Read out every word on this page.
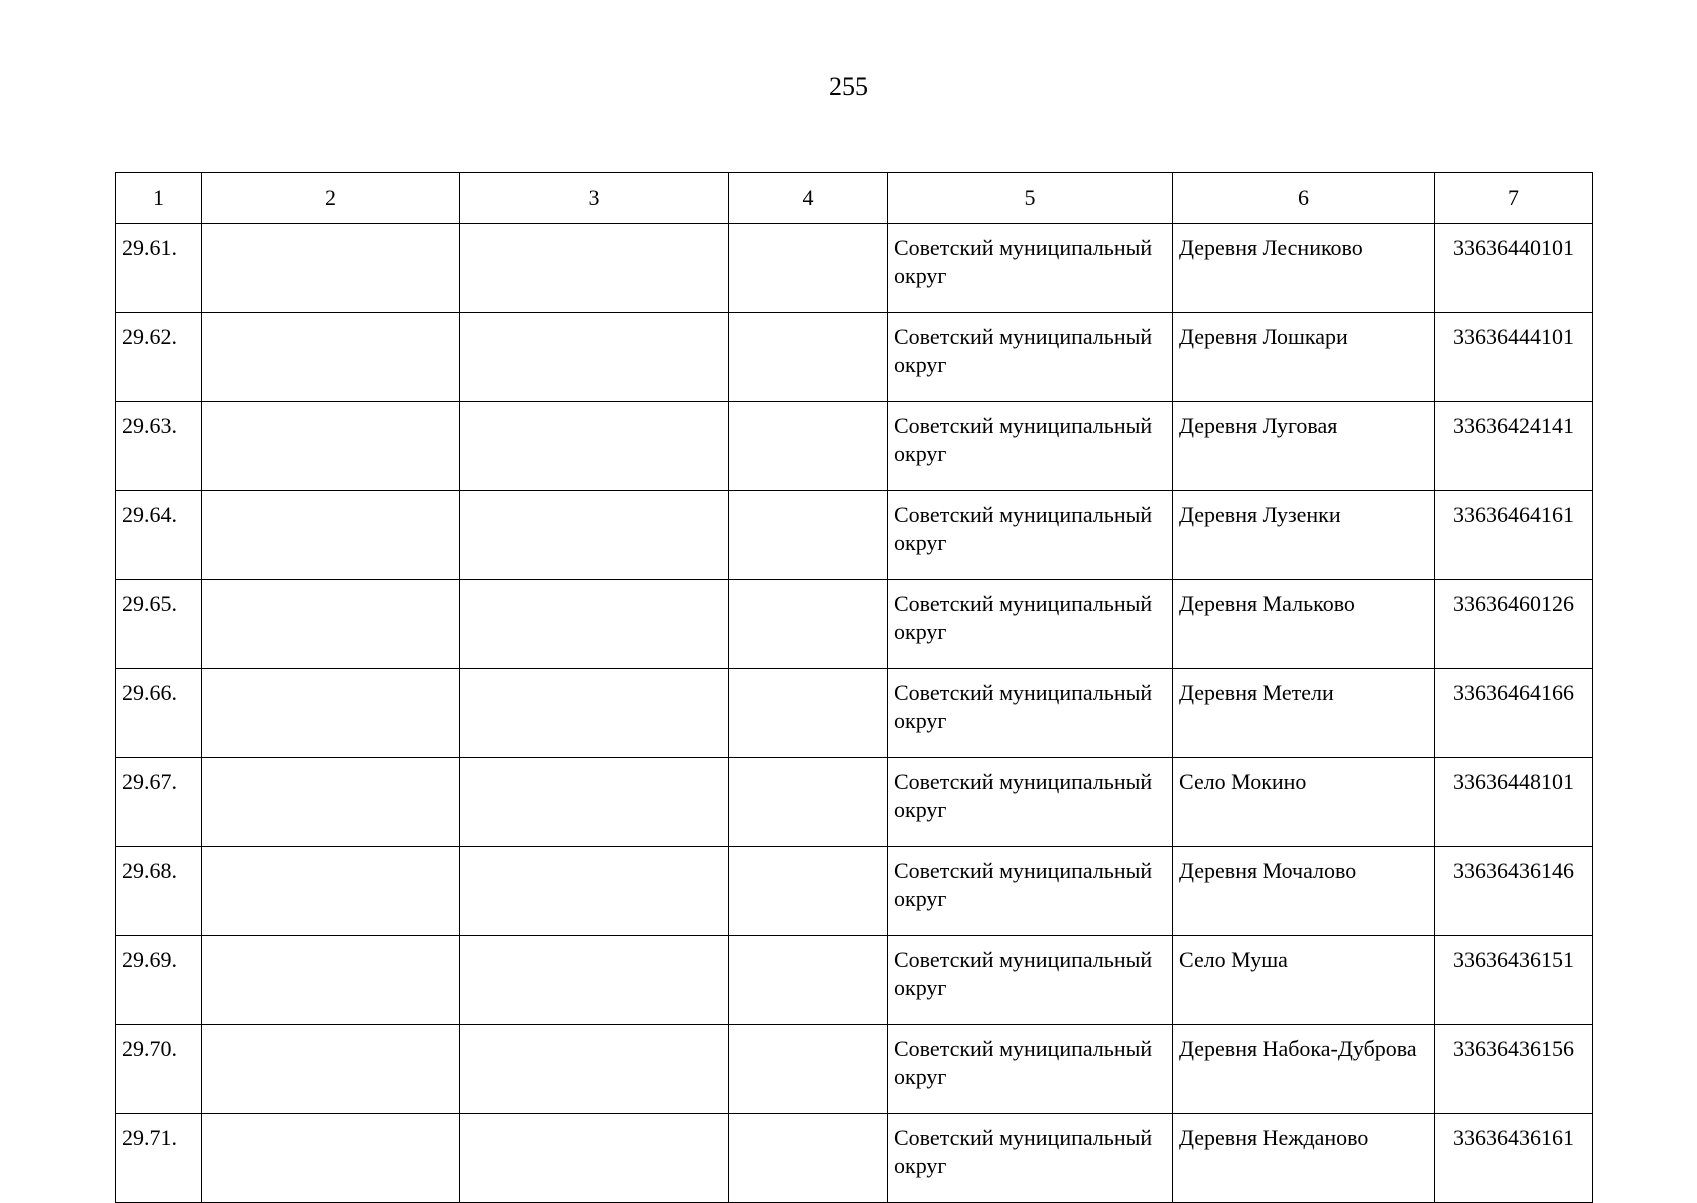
255
1	2	3	4	5	6	7
29.61.				Советский муниципальный округ	Деревня Лесниково	33636440101
29.62.				Советский муниципальный округ	Деревня Лошкари	33636444101
29.63.				Советский муниципальный округ	Деревня Луговая	33636424141
29.64.				Советский муниципальный округ	Деревня Лузенки	33636464161
29.65.				Советский муниципальный округ	Деревня Мальково	33636460126
29.66.				Советский муниципальный округ	Деревня Метели	33636464166
29.67.				Советский муниципальный округ	Село Мокино	33636448101
29.68.				Советский муниципальный округ	Деревня Мочалово	33636436146
29.69.				Советский муниципальный округ	Село Муша	33636436151
29.70.				Советский муниципальный округ	Деревня Набока-Дуброва	33636436156
29.71.				Советский муниципальный округ	Деревня Нежданово	33636436161
